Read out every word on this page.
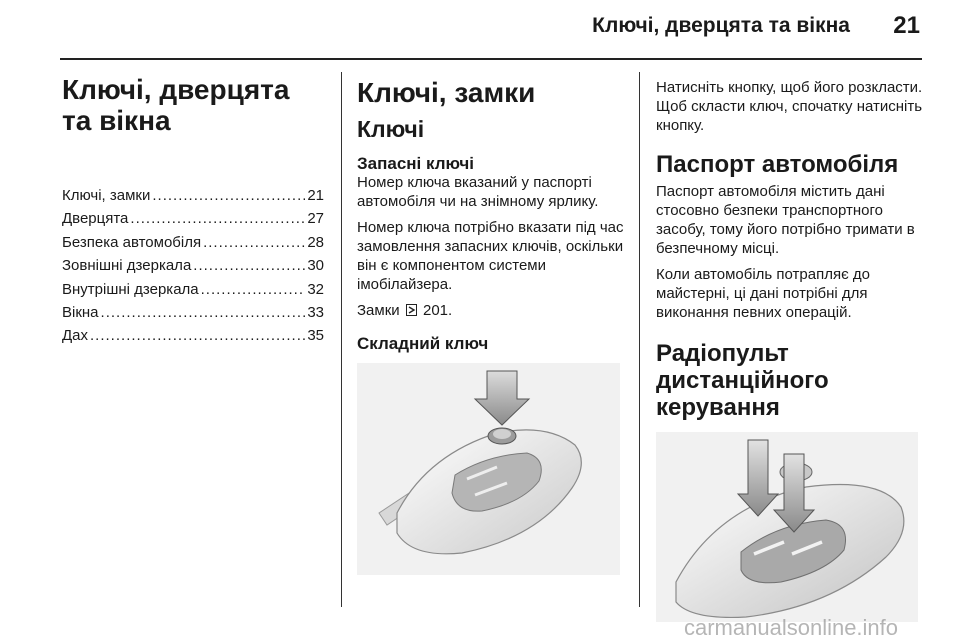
Ключі, дверцята та вікна	21
Ключі, дверцята та вікна
Ключі, замки .....	21
Дверцята .....	27
Безпека автомобіля .....	28
Зовнішні дзеркала .....	30
Внутрішні дзеркала .....	32
Вікна .....	33
Дах .....	35
Ключі, замки
Ключі
Запасні ключі

Номер ключа вказаний у паспорті автомобіля чи на знімному ярлику.

Номер ключа потрібно вказати під час замовлення запасних ключів, оскільки він є компонентом системи імобілайзера.

Замки 201.

Складний ключ

Натисніть кнопку, щоб його розкласти. Щоб скласти ключ, спочатку натисніть кнопку.

Паспорт автомобіля

Паспорт автомобіля містить дані стосовно безпеки транспортного засобу, тому його потрібно тримати в безпечному місці.

Коли автомобіль потрапляє до майстерні, ці дані потрібні для виконання певних операцій.

Радіопульт дистанційного керування
carmanualsonline.info
